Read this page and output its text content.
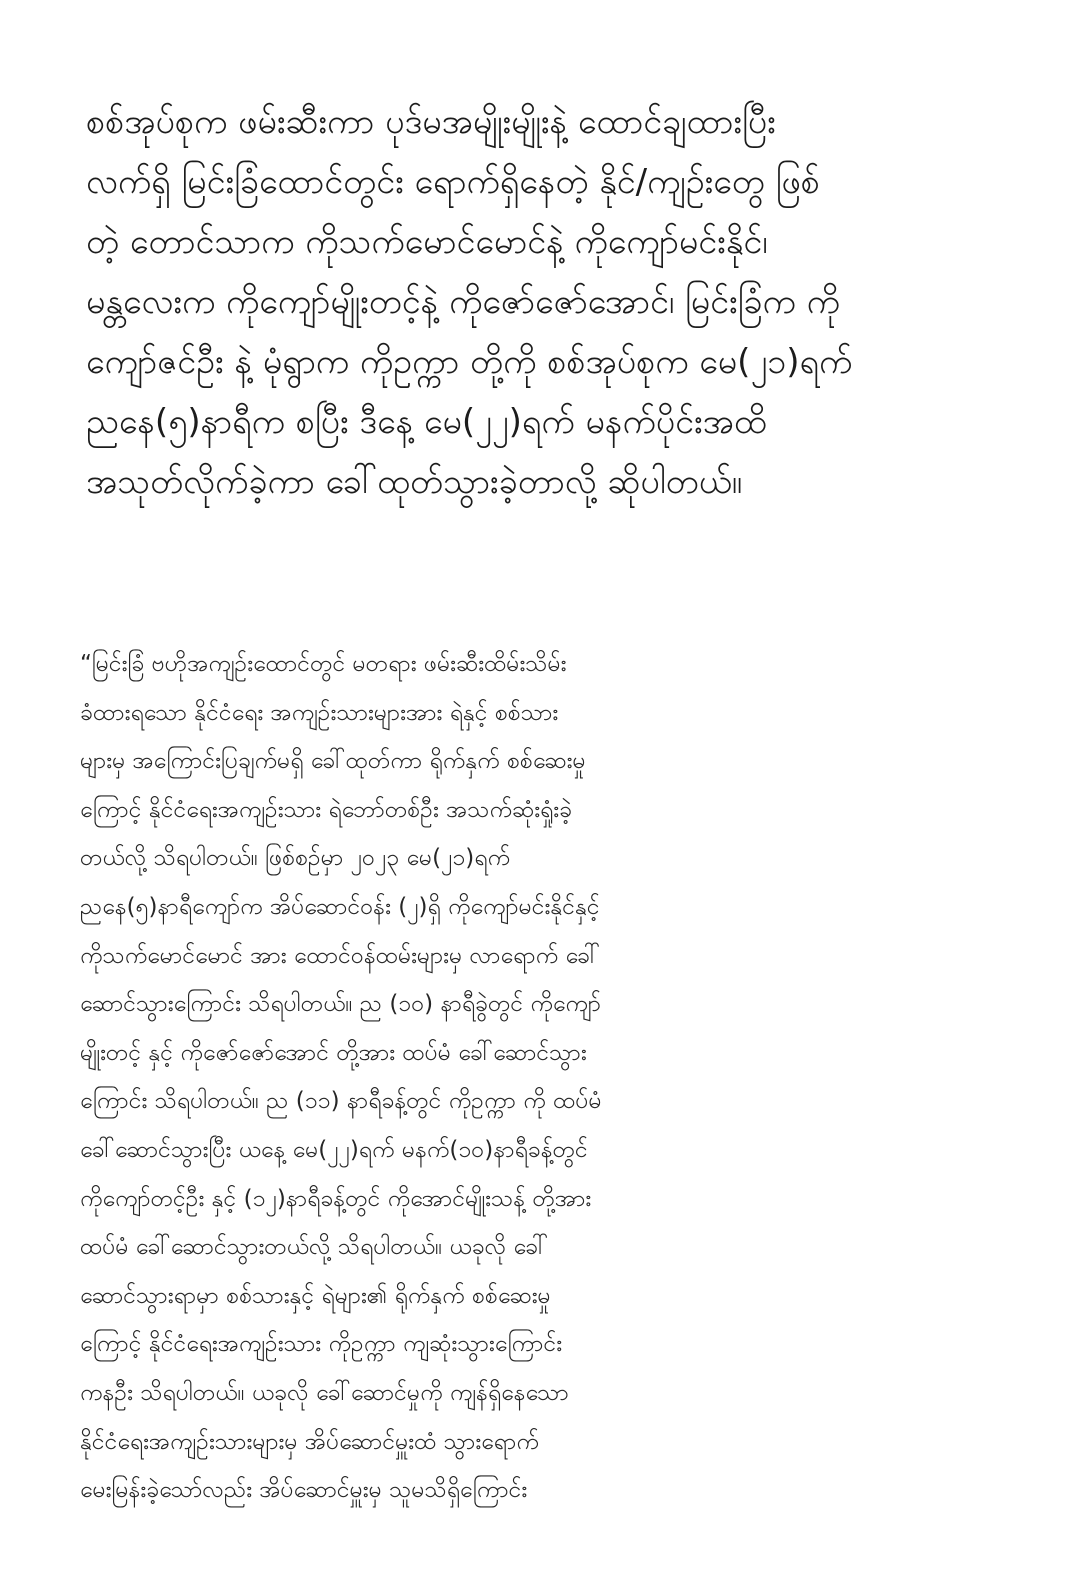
စစ်အုပ်စုက ဖမ်းဆီးကာ ပုဒ်မအမျိုးမျိုးနဲ့ ထောင်ချထားပြီး
လက်ရှိ မြင်းခြံထောင်တွင်း ရောက်ရှိနေတဲ့ နိုင်/ကျဉ်းတွေ ဖြစ်
တဲ့ တောင်သာက ကိုသက်မောင်မောင်နဲ့ ကိုကျော်မင်းနိုင်၊
မန္တလေးက ကိုကျော်မျိုးတင့်နဲ့ ကိုဇော်ဇော်အောင်၊ မြင်းခြံက ကို
ကျော်ဇင်ဦး နဲ့ မုံရွာက ကိုဥက္ကာ တို့ကို စစ်အုပ်စုက မေ(၂၁)ရက်
ညနေ(၅)နာရီက စပြီး ဒီနေ့ မေ(၂၂)ရက် မနက်ပိုင်းအထိ
အသုတ်လိုက်ခဲ့ကာ ခေါ်ထုတ်သွားခဲ့တာလို့ ဆိုပါတယ်။
“မြင်းခြံ ဗဟိုအကျဉ်းထောင်တွင် မတရား ဖမ်းဆီးထိမ်းသိမ်း
ခံထားရသော နိုင်ငံရေး အကျဉ်းသားများအား ရဲနှင့် စစ်သား
များမှ အကြောင်းပြချက်မရှိ ခေါ်ထုတ်ကာ ရိုက်နှက် စစ်ဆေးမှု
ကြောင့် နိုင်ငံရေးအကျဉ်းသား ရဲဘော်တစ်ဦး အသက်ဆုံးရှုံးခဲ့
တယ်လို့ သိရပါတယ်။ ဖြစ်စဉ်မှာ ၂၀၂၃ မေ(၂၁)ရက်
ညနေ(၅)နာရီကျော်က အိပ်ဆောင်ဝန်း (၂)ရှိ ကိုကျော်မင်းနိုင်နှင့်
ကိုသက်မောင်မောင် အား ထောင်ဝန်ထမ်းများမှ လာရောက် ခေါ်
ဆောင်သွားကြောင်း သိရပါတယ်။ ည (၁၀) နာရီခွဲတွင် ကိုကျော်
မျိုးတင့် နှင့် ကိုဇော်ဇော်အောင် တို့အား ထပ်မံ ခေါ်ဆောင်သွား
ကြောင်း သိရပါတယ်။ ည (၁၁) နာရီခန့်တွင် ကိုဥက္ကာ ကို ထပ်မံ
ခေါ်ဆောင်သွားပြီး ယနေ့ မေ(၂၂)ရက် မနက်(၁၀)နာရီခန့်တွင်
ကိုကျော်တင့်ဦး နှင့် (၁၂)နာရီခန့်တွင် ကိုအောင်မျိုးသန့် တို့အား
ထပ်မံ ခေါ်ဆောင်သွားတယ်လို့ သိရပါတယ်။ ယခုလို ခေါ်
ဆောင်သွားရာမှာ စစ်သားနှင့် ရဲများ၏ ရိုက်နှက် စစ်ဆေးမှု
ကြောင့် နိုင်ငံရေးအကျဉ်းသား ကိုဥက္ကာ ကျဆုံးသွားကြောင်း
ကနဦး သိရပါတယ်။ ယခုလို ခေါ်ဆောင်မှုကို ကျန်ရှိနေသော
နိုင်ငံရေးအကျဉ်းသားများမှ အိပ်ဆောင်မှူးထံ သွားရောက်
မေးမြန်းခဲ့သော်လည်း အိပ်ဆောင်မှူးမှ သူမသိရှိကြောင်း
